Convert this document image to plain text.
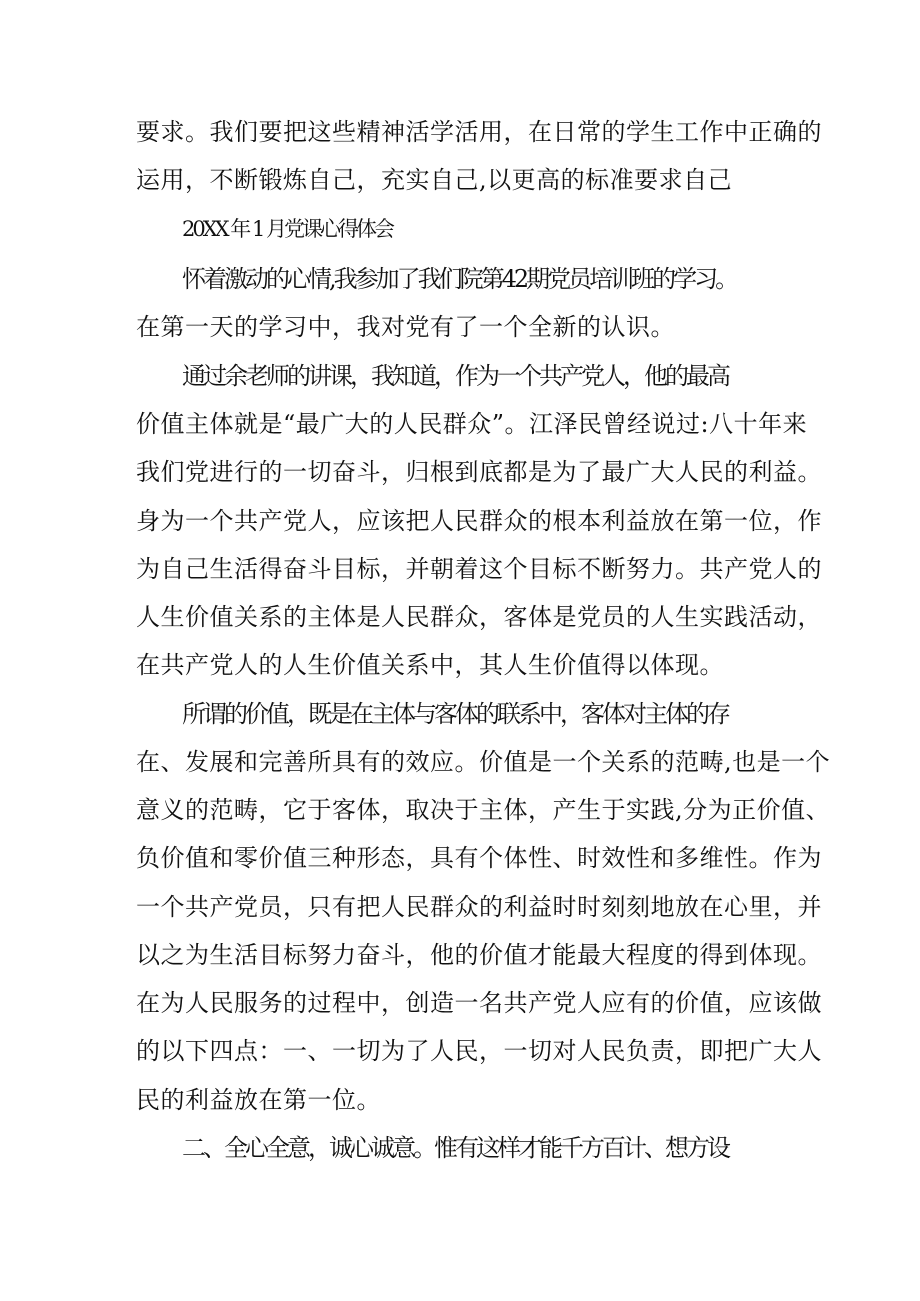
要求。我们要把这些精神活学活用，在日常的学生工作中正确的
运用，不断锻炼自己，充实自己,以更高的标准要求自己
20XX 年 1 月党课心得体会
怀着激动的心情,我参加了我们院第42期党员培训班的学习。
在第一天的学习中，我对党有了一个全新的认识。
通过余老师的讲课，我知道，作为一个共产党人，他的最高
价值主体就是“最广大的人民群众”。江泽民曾经说过:八十年来
我们党进行的一切奋斗，归根到底都是为了最广大人民的利益。
身为一个共产党人，应该把人民群众的根本利益放在第一位，作
为自己生活得奋斗目标，并朝着这个目标不断努力。共产党人的
人生价值关系的主体是人民群众，客体是党员的人生实践活动，
在共产党人的人生价值关系中，其人生价值得以体现。
所谓的价值，既是在主体与客体的联系中，客体对主体的存
在、发展和完善所具有的效应。价值是一个关系的范畴,也是一个
意义的范畴，它于客体，取决于主体，产生于实践,分为正价值、
负价值和零价值三种形态，具有个体性、时效性和多维性。作为
一个共产党员，只有把人民群众的利益时时刻刻地放在心里，并
以之为生活目标努力奋斗，他的价值才能最大程度的得到体现。
在为人民服务的过程中，创造一名共产党人应有的价值，应该做
的以下四点：一、一切为了人民，一切对人民负责，即把广大人
民的利益放在第一位。
二、全心全意，诚心诚意。惟有这样才能千方百计、想方设
